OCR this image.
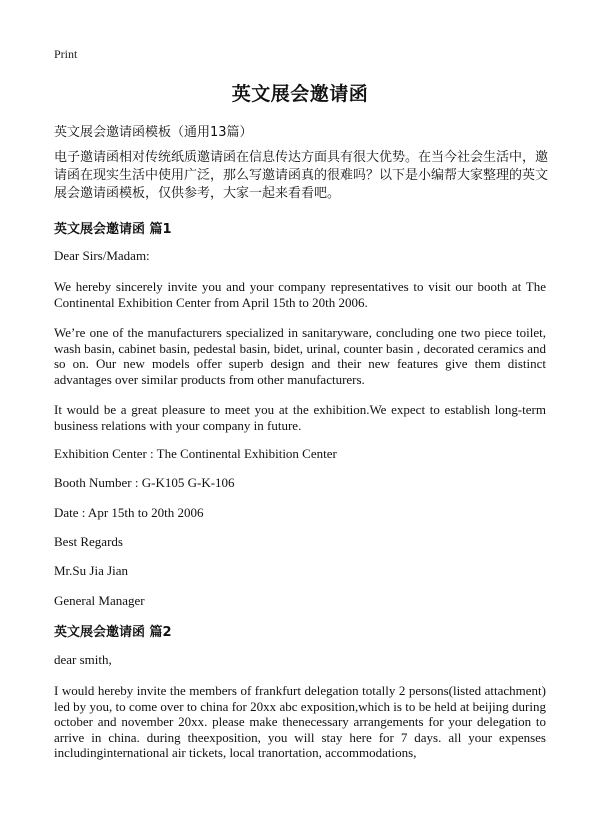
Print
英文展会邀请函
英文展会邀请函模板（通用13篇）

电子邀请函相对传统纸质邀请函在信息传达方面具有很大优势。在当今社会生活中，邀请函在现实生活中使用广泛，那么写邀请函真的很难吗？以下是小编帮大家整理的英文展会邀请函模板，仅供参考，大家一起来看看吧。

英文展会邀请函 篇1

Dear Sirs/Madam:

We hereby sincerely invite you and your company representatives to visit our booth at The Continental Exhibition Center from April 15th to 20th 2006.

We’re one of the manufacturers specialized in sanitaryware, concluding one two piece toilet, wash basin, cabinet basin, pedestal basin, bidet, urinal, counter basin , decorated ceramics and so on. Our new models offer superb design and their new features give them distinct advantages over similar products from other manufacturers.

It would be a great pleasure to meet you at the exhibition.We expect to establish long-term business relations with your company in future.

Exhibition Center : The Continental Exhibition Center

Booth Number : G-K105 G-K-106

Date : Apr 15th to 20th 2006

Best Regards

Mr.Su Jia Jian

General Manager

英文展会邀请函 篇2

dear smith,

I would hereby invite the members of frankfurt delegation totally 2 persons(listed attachment) led by you, to come over to china for 20xx abc exposition,which is to be held at beijing during october and november 20xx. please make thenecessary arrangements for your delegation to arrive in china. during theexposition, you will stay here for 7 days. all your expenses includinginternational air tickets, local tranortation, accommodations,
